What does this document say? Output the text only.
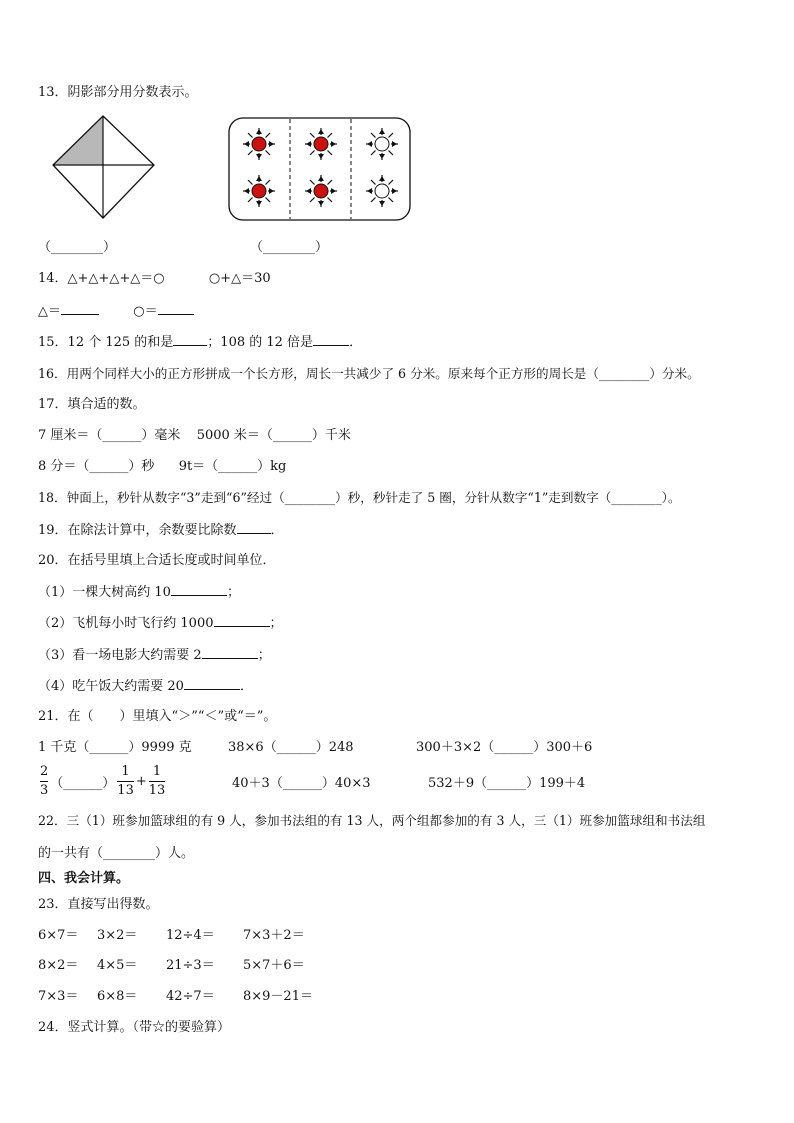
13．阴影部分用分数表示。
（________）	（________）
14．△+△+△+△＝○	○+△＝30
△＝	○＝
15．12 个 125 的和是	；108 的 12 倍是	．
16．用两个同样大小的正方形拼成一个长方形，周长一共减少了 6 分米。原来每个正方形的周长是（________）分米。
17．填合适的数。
7 厘米＝（______）毫米 5000 米＝（______）千米
8 分＝（______）秒 9t＝（______）kg
18．钟面上，秒针从数字“3”走到“6”经过（________）秒，秒针走了 5 圈，分针从数字“1”走到数字（________）。
19．在除法计算中，余数要比除数	．
20．在括号里填上合适长度或时间单位．
（1）一棵大树高约 10	；
（2）飞机每小时飞行约 1000	；
（3）看一场电影大约需要 2	；
（4）吃午饭大约需要 20	．
21．在（　　）里填入“＞”“＜”或“＝”。
1 千克（______）9999 克	38×6（______）248	300＋3×2（______）300＋6
$\frac{2}{3}$ （______） $\frac{1}{13} + \frac{1}{13}$	40＋3（______）40×3	532＋9（______）199＋4
22．三（1）班参加篮球组的有 9 人，参加书法组的有 13 人，两个组都参加的有 3 人，三（1）班参加篮球组和书法组
的一共有（________）人。
四、我会计算。
23．直接写出得数。
6×7＝ 3×2＝ 12÷4＝ 7×3＋2＝
8×2＝ 4×5＝ 21÷3＝ 5×7＋6＝
7×3＝ 6×8＝ 42÷7＝ 8×9－21＝
24．竖式计算。（带☆的要验算）
